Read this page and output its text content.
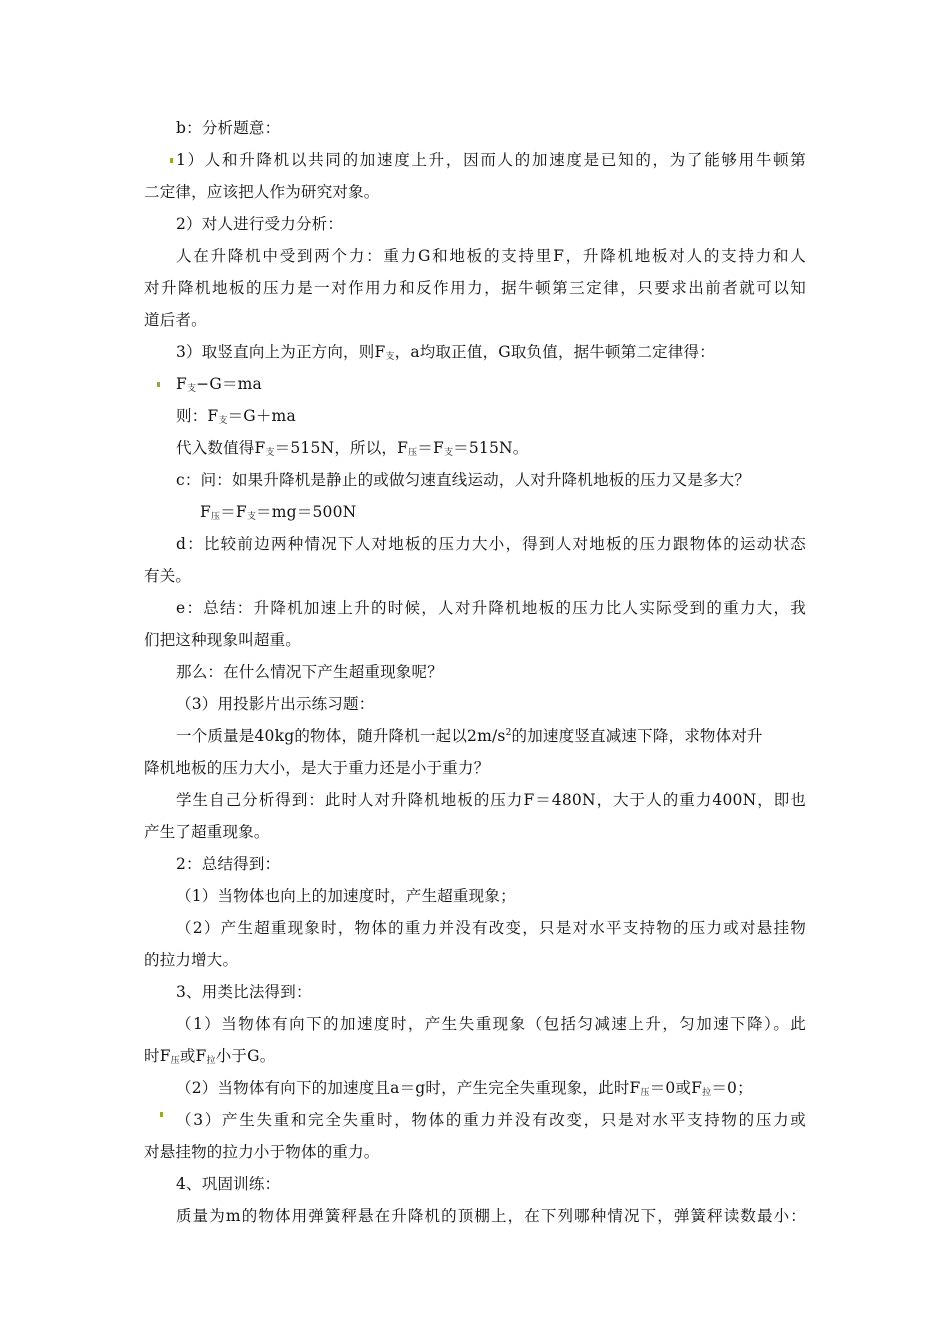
b：分析题意：
1）人和升降机以共同的加速度上升，因而人的加速度是已知的，为了能够用牛顿第
二定律，应该把人作为研究对象。
2）对人进行受力分析：
人在升降机中受到两个力：重力G和地板的支持里F，升降机地板对人的支持力和人
对升降机地板的压力是一对作用力和反作用力，据牛顿第三定律，只要求出前者就可以知
道后者。
3）取竖直向上为正方向，则$F_支$，a均取正值，G取负值，据牛顿第二定律得：
$F_支-G=ma$
则：$F_支=G+ma$
代入数值得$F_支=515N$，所以，$F_压=F_支=515N$。
c：问：如果升降机是静止的或做匀速直线运动，人对升降机地板的压力又是多大？
$F_压=F_支=mg=500N$
d：比较前边两种情况下人对地板的压力大小，得到人对地板的压力跟物体的运动状态
有关。
e：总结：升降机加速上升的时候，人对升降机地板的压力比人实际受到的重力大，我
们把这种现象叫超重。
那么：在什么情况下产生超重现象呢？
（3）用投影片出示练习题：
一个质量是40kg的物体，随升降机一起以$2m/s^2$的加速度竖直减速下降，求物体对升
降机地板的压力大小，是大于重力还是小于重力？
学生自己分析得到：此时人对升降机地板的压力F＝480N，大于人的重力400N，即也
产生了超重现象。
2：总结得到：
（1）当物体也向上的加速度时，产生超重现象；
（2）产生超重现象时，物体的重力并没有改变，只是对水平支持物的压力或对悬挂物
的拉力增大。
3、用类比法得到：
（1）当物体有向下的加速度时，产生失重现象（包括匀减速上升，匀加速下降）。此
时$F_压$或$F_拉$小于G。
（2）当物体有向下的加速度且a＝g时，产生完全失重现象，此时$F_压=0$或$F_拉=0$；
（3）产生失重和完全失重时，物体的重力并没有改变，只是对水平支持物的压力或
对悬挂物的拉力小于物体的重力。
4、巩固训练：
质量为m的物体用弹簧秤悬在升降机的顶棚上，在下列哪种情况下，弹簧秤读数最小：
